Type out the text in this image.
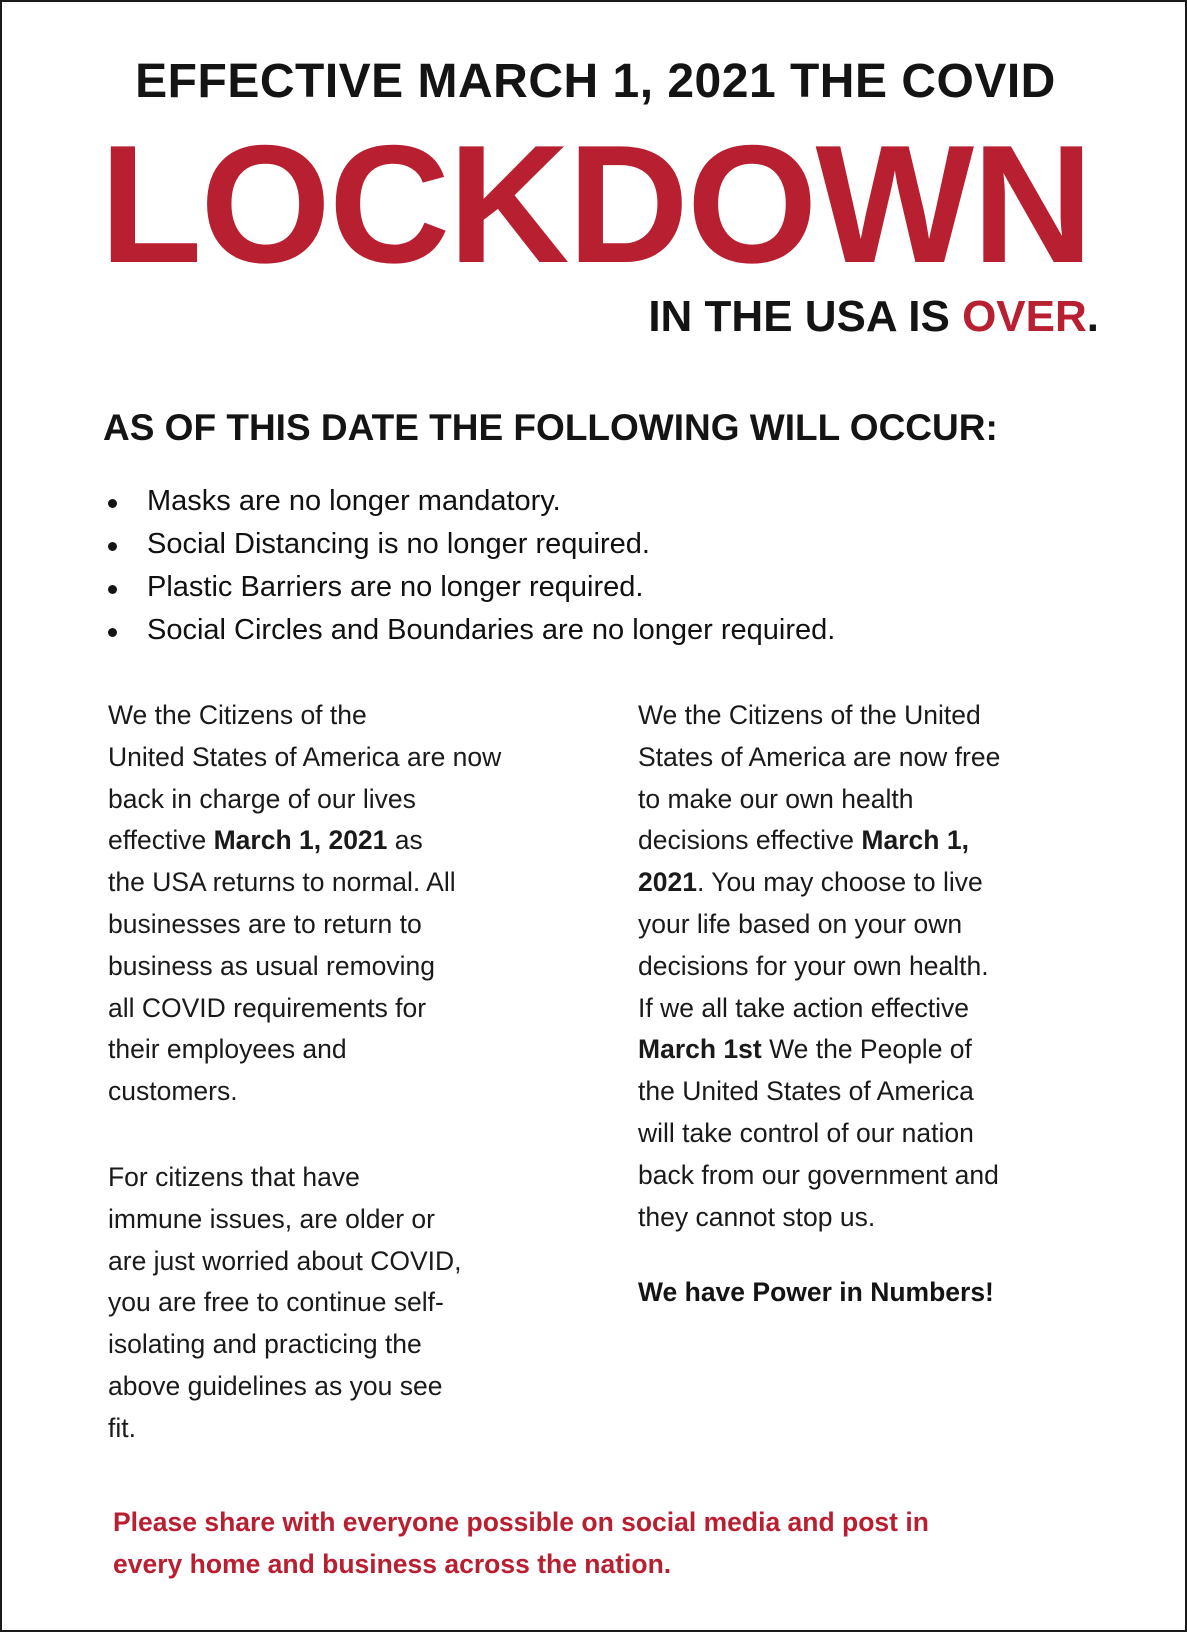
EFFECTIVE MARCH 1, 2021 THE COVID
LOCKDOWN
IN THE USA IS OVER.
AS OF THIS DATE THE FOLLOWING WILL OCCUR:
Masks are no longer mandatory.
Social Distancing is no longer required.
Plastic Barriers are no longer required.
Social Circles and Boundaries are no longer required.

We the Citizens of the

United States of America are now

back in charge of our lives

effective March 1, 2021 as

the USA returns to normal. All

businesses are to return to

business as usual removing

all COVID requirements for

their employees and

customers.

For citizens that have

immune issues, are older or

are just worried about COVID,

you are free to continue self-

isolating and practicing the

above guidelines as you see

fit.

We the Citizens of the United

States of America are now free

to make our own health

decisions effective March 1,

2021. You may choose to live

your life based on your own

decisions for your own health.

If we all take action effective

March 1st We the People of

the United States of America

will take control of our nation

back from our government and

they cannot stop us.

We have Power in Numbers!
Please share with everyone possible on social media and post in
every home and business across the nation.
